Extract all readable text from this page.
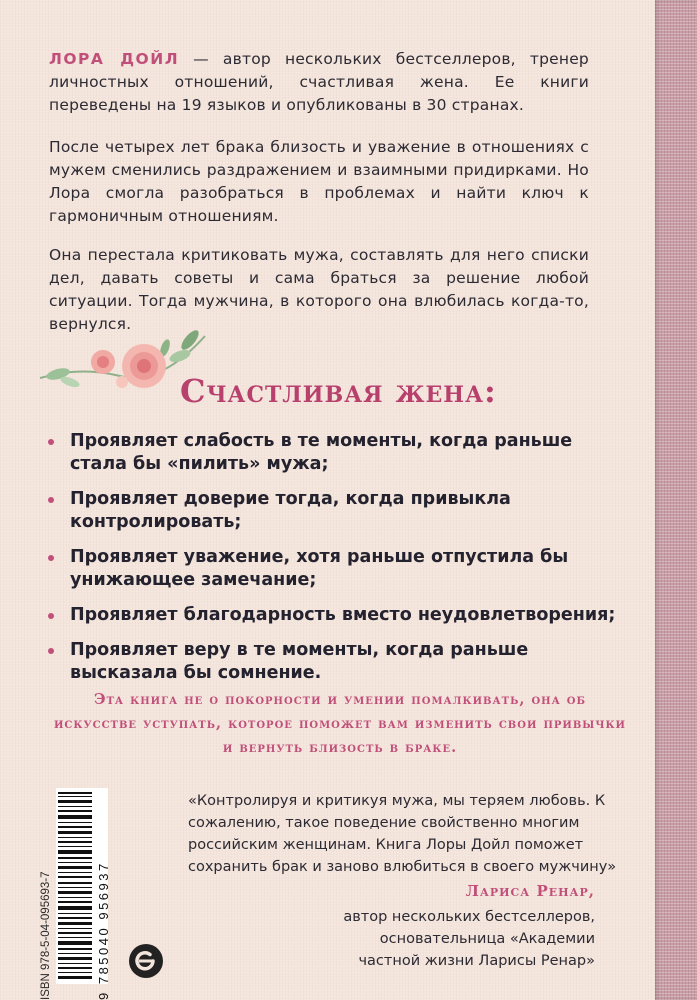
ЛОРА ДОЙЛ — автор нескольких бестселлеров, тренер личностных отношений, счастливая жена. Ее книги переведены на 19 языков и опубликованы в 30 странах.

После четырех лет брака близость и уважение в отношениях с мужем сменились раздражением и взаимными придирками. Но Лора смогла разобраться в проблемах и найти ключ к гармоничным отношениям.

Она перестала критиковать мужа, составлять для него списки дел, давать советы и сама браться за решение любой ситуации. Тогда мужчина, в которого она влюбилась когда-то, вернулся.

Счастливая жена:
Проявляет слабость в те моменты, когда раньше стала бы «пилить» мужа;
Проявляет доверие тогда, когда привыкла контролировать;
Проявляет уважение, хотя раньше отпустила бы унижающее замечание;
Проявляет благодарность вместо неудовлетворения;
Проявляет веру в те моменты, когда раньше высказала бы сомнение.

Эта книга не о покорности и умении помалкивать, она об искусстве уступать, которое поможет вам изменить свои привычки и вернуть близость в браке.

ISBN 978-5-04-095693-7	9 785040 956937

«Контролируя и критикуя мужа, мы теряем любовь. К сожалению, такое поведение свойственно многим российским женщинам. Книга Лоры Дойл поможет сохранить брак и заново влюбиться в своего мужчину»

Лариса Ренар,

автор нескольких бестселлеров,
основательница «Академии
частной жизни Ларисы Ренар»
